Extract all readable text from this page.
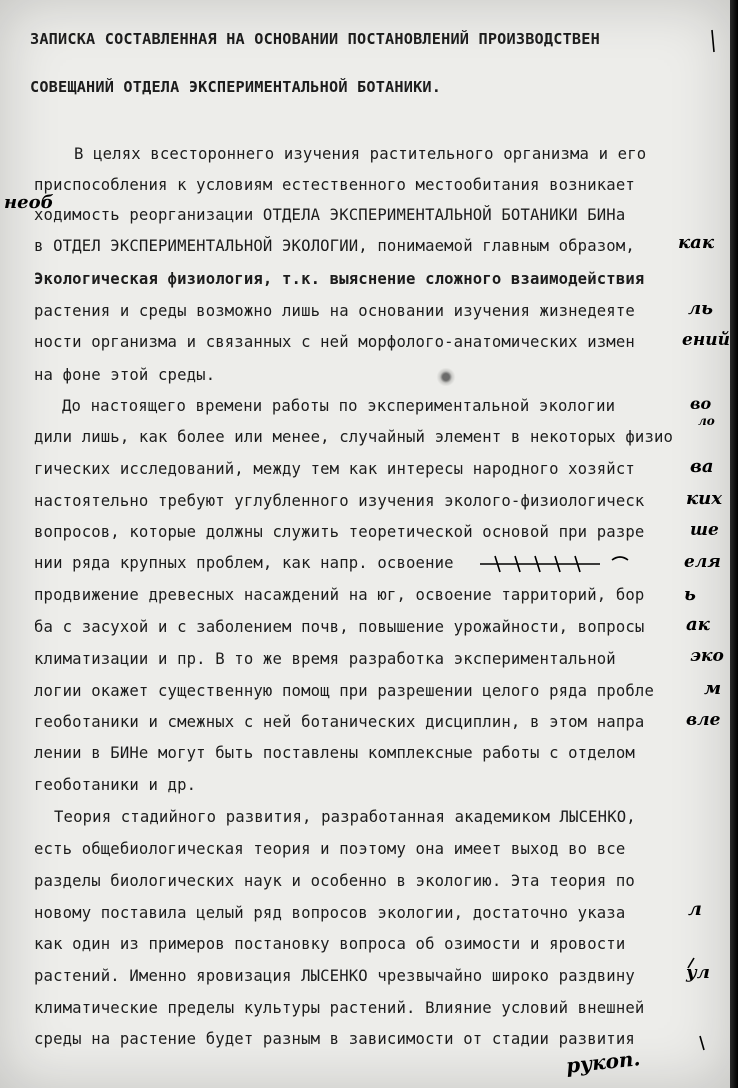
ЗАПИСКА СОСТАВЛЕННАЯ НА ОСНОВАНИИ ПОСТАНОВЛЕНИЙ ПРОИЗВОДСТВЕН
СОВЕЩАНИЙ ОТДЕЛА ЭКСПЕРИМЕНТАЛЬНОЙ БОТАНИКИ.
В целях всестороннего изучения растительного организма и его
приспособления к условиям естественного местообитания возникает
ходимость реорганизации ОТДЕЛА ЭКСПЕРИМЕНТАЛЬНОЙ БОТАНИКИ БИНа
в ОТДЕЛ ЭКСПЕРИМЕНТАЛЬНОЙ ЭКОЛОГИИ, понимаемой главным образом,
Экологическая физиология, т.к. выяснение сложного взаимодействия
растения и среды возможно лишь на основании изучения жизнедеяте
ности организма и связанных с ней морфолого-анатомических измен
на фоне этой среды.
До настоящего времени работы по экспериментальной экологии
дили лишь, как более или менее, случайный элемент в некоторых физио
гических исследований, между тем как интересы народного хозяйст
настоятельно требуют углубленного изучения эколого-физиологическ
вопросов, которые должны служить теоретической основой при разре
нии ряда крупных проблем, как напр. освоение
продвижение древесных насаждений на юг, освоение тарриторий, бор
ба с засухой и с заболением почв, повышение урожайности, вопросы
климатизации и пр. В то же время разработка экспериментальной
логии окажет существенную помощ при разрешении целого ряда пробле
геоботаники и смежных с ней ботанических дисциплин, в этом напра
лении в БИНе могут быть поставлены комплексные работы с отделом
геоботаники и др.
Теория стадийного развития, разработанная академиком ЛЫСЕНКО,
есть общебиологическая теория и поэтому она имеет выход во все
разделы биологических наук и особенно в экологию. Эта теория по
новому поставила целый ряд вопросов экологии, достаточно указа
как один из примеров постановку вопроса об озимости и яровости
растений. Именно яровизация ЛЫСЕНКО чрезвычайно широко раздвину
климатические пределы культуры растений. Влияние условий внешней
среды на растение будет разным в зависимости от стадии развития
необ
как
ль
ений
во
ло
ва
ких
ше
еля
ь
ак
эко
м
вле
л
ул
рукоп.
